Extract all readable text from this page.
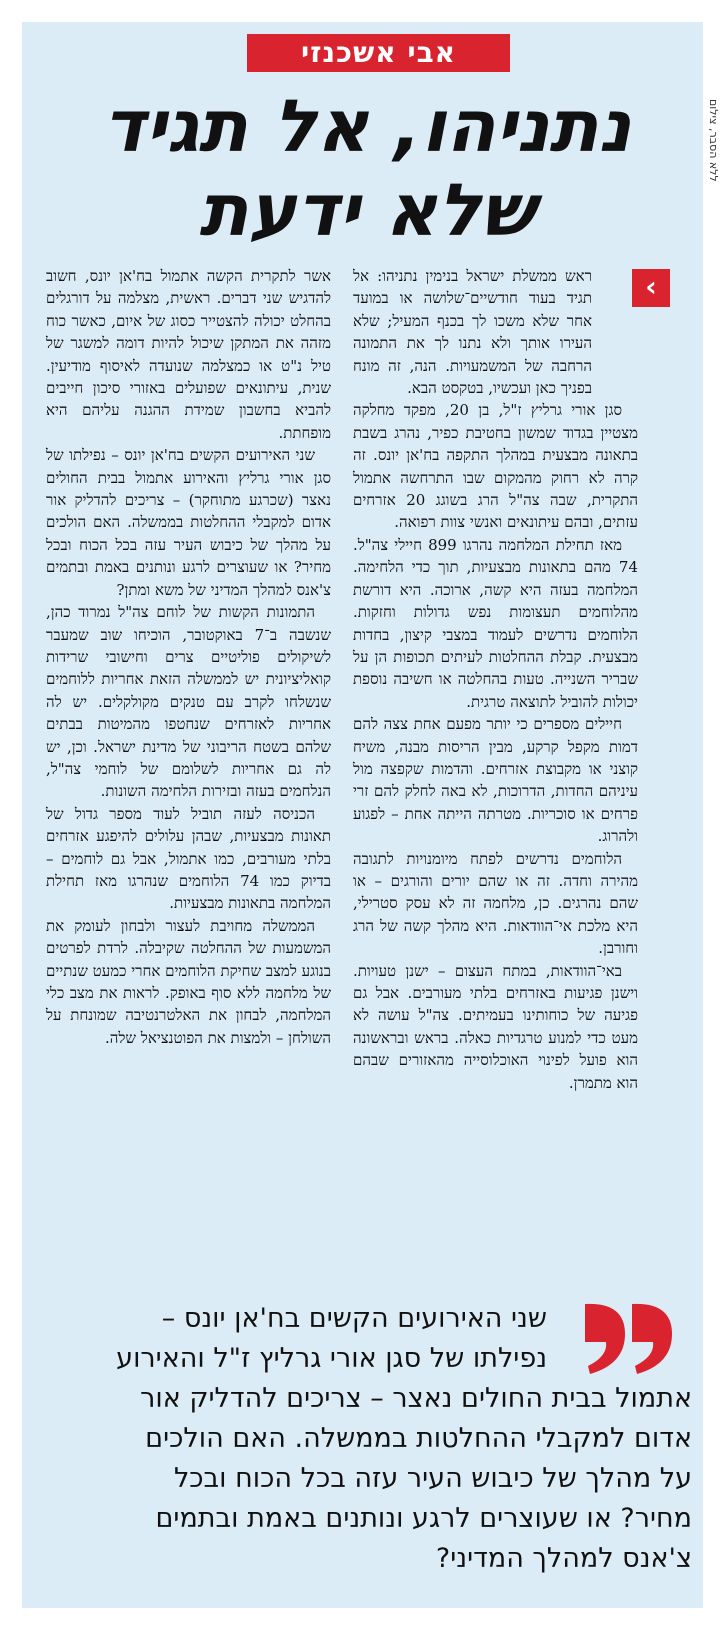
אבי אשכנזי
נתניהו, אל תגיד
שלא ידעת
‹

ראש ממשלת ישראל בנימין נתניהו: אל תגיד בעוד חודשיים־שלושה או במועד אחר שלא משכו לך בכנף המעיל; שלא העירו אותך ולא נתנו לך את התמונה הרחבה של המשמעויות. הנה, זה מונח בפניך כאן ועכשיו, בטקסט הבא.

סגן אורי גרליץ ז"ל, בן 20, מפקד מחלקה מצטיין בגדוד שמשון בחטיבת כפיר, נהרג בשבת בתאונה מבצעית במהלך התקפה בח'אן יונס. זה קרה לא רחוק מהמקום שבו התרחשה אתמול התקרית, שבה צה"ל הרג בשוגג 20 אזרחים עזתים, ובהם עיתונאים ואנשי צוות רפואה.

מאז תחילת המלחמה נהרגו 899 חיילי צה"ל. 74 מהם בתאונות מבצעיות, תוך כדי הלחימה. המלחמה בעזה היא קשה, ארוכה. היא דורשת מהלוחמים תעצומות נפש גדולות וחזקות. הלוחמים נדרשים לעמוד במצבי קיצון, בחדות מבצעית. קבלת ההחלטות לעיתים תכופות הן על שבריר השנייה. טעות בהחלטה או חשיבה נוספת יכולות להוביל לתוצאה טרגית.

חיילים מספרים כי יותר מפעם אחת צצה להם דמות מקפל קרקע, מבין הריסות מבנה, משיח קוצני או מקבוצת אזרחים. והדמות שקפצה מול עיניהם החדות, הדרוכות, לא באה לחלק להם זרי פרחים או סוכריות. מטרתה הייתה אחת – לפגוע ולהרוג.

הלוחמים נדרשים לפתח מיומנויות לתגובה מהירה וחדה. זה או שהם יורים והורגים – או שהם נהרגים. כן, מלחמה זה לא עסק סטרילי, היא מלכת אי־הוודאות. היא מהלך קשה של הרג וחורבן.

באי־הוודאות, במתח העצום – ישנן טעויות. וישנן פגיעות באזרחים בלתי מעורבים. אבל גם פגיעה של כוחותינו בעמיתים. צה"ל עושה לא מעט כדי למנוע טרגדיות כאלה. בראש ובראשונה הוא פועל לפינוי האוכלוסייה מהאזורים שבהם הוא מתמרן.

אשר לתקרית הקשה אתמול בח'אן יונס, חשוב להדגיש שני דברים. ראשית, מצלמה על דורגלים בהחלט יכולה להצטייר כסוג של איום, כאשר כוח מזהה את המתקן שיכול להיות דומה למשגר של טיל נ"ט או כמצלמה שנועדה לאיסוף מודיעין. שנית, עיתונאים שפועלים באזורי סיכון חייבים להביא בחשבון שמידת ההגנה עליהם היא מופחתת.

שני האירועים הקשים בח'אן יונס – נפילתו של סגן אורי גרליץ והאירוע אתמול בבית החולים נאצר (שכרגע מתוחקר) – צריכים להדליק אור אדום למקבלי ההחלטות בממשלה. האם הולכים על מהלך של כיבוש העיר עזה בכל הכוח ובכל מחיר? או שעוצרים לרגע ונותנים באמת ובתמים צ'אנס למהלך המדיני של משא ומתן?

התמונות הקשות של לוחם צה"ל נמרוד כהן, שנשבה ב־7 באוקטובר, הוכיחו שוב שמעבר לשיקולים פוליטיים צרים וחישובי שרידות קואליציונית יש לממשלה הזאת אחריות ללוחמים שנשלחו לקרב עם טנקים מקולקלים. יש לה אחריות לאזרחים שנחטפו מהמיטות בבתים שלהם בשטח הריבוני של מדינת ישראל. וכן, יש לה גם אחריות לשלומם של לוחמי צה"ל, הנלחמים בעזה ובזירות הלחימה השונות.

הכניסה לעזה תוביל לעוד מספר גדול של תאונות מבצעיות, שבהן עלולים להיפגע אזרחים בלתי מעורבים, כמו אתמול, אבל גם לוחמים – בדיוק כמו 74 הלוחמים שנהרגו מאז תחילת המלחמה בתאונות מבצעיות.

הממשלה מחויבת לעצור ולבחון לעומק את המשמעות של ההחלטה שקיבלה. לרדת לפרטים בנוגע למצב שחיקת הלוחמים אחרי כמעט שנתיים של מלחמה ללא סוף באופק. לראות את מצב כלי המלחמה, לבחון את האלטרנטיבה שמונחת על השולחן – ולמצות את הפוטנציאל שלה.

שני האירועים הקשים בח'אן יונס –
נפילתו של סגן אורי גרליץ ז"ל והאירוע
אתמול בבית החולים נאצר – צריכים להדליק אור
אדום למקבלי ההחלטות בממשלה. האם הולכים
על מהלך של כיבוש העיר עזה בכל הכוח ובכל
מחיר? או שעוצרים לרגע ונותנים באמת ובתמים
צ'אנס למהלך המדיני?
ללא הסבר, צילום
